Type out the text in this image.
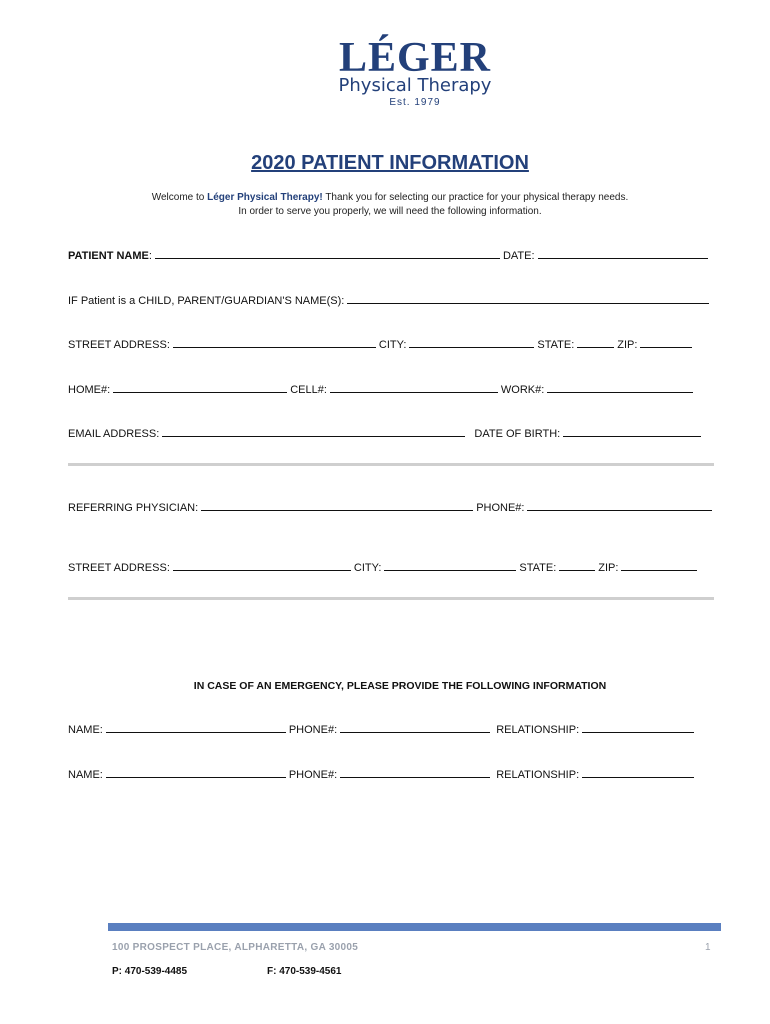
LÉGER
Physical Therapy
Est. 1979
2020 PATIENT INFORMATION
Welcome to Léger Physical Therapy! Thank you for selecting our practice for your physical therapy needs.
In order to serve you properly, we will need the following information.
PATIENT NAME:	DATE:
IF Patient is a CHILD, PARENT/GUARDIAN'S NAME(S):
STREET ADDRESS:	CITY:	STATE:	ZIP:
HOME#:	CELL#:	WORK#:
EMAIL ADDRESS:	DATE OF BIRTH:
REFERRING PHYSICIAN:	PHONE#:
STREET ADDRESS:	CITY:	STATE:	ZIP:
IN CASE OF AN EMERGENCY, PLEASE PROVIDE THE FOLLOWING INFORMATION
NAME:	PHONE#:	RELATIONSHIP:
NAME:	PHONE#:	RELATIONSHIP:
100 PROSPECT PLACE, ALPHARETTA, GA 30005	1
P: 470-539-4485	F: 470-539-4561
